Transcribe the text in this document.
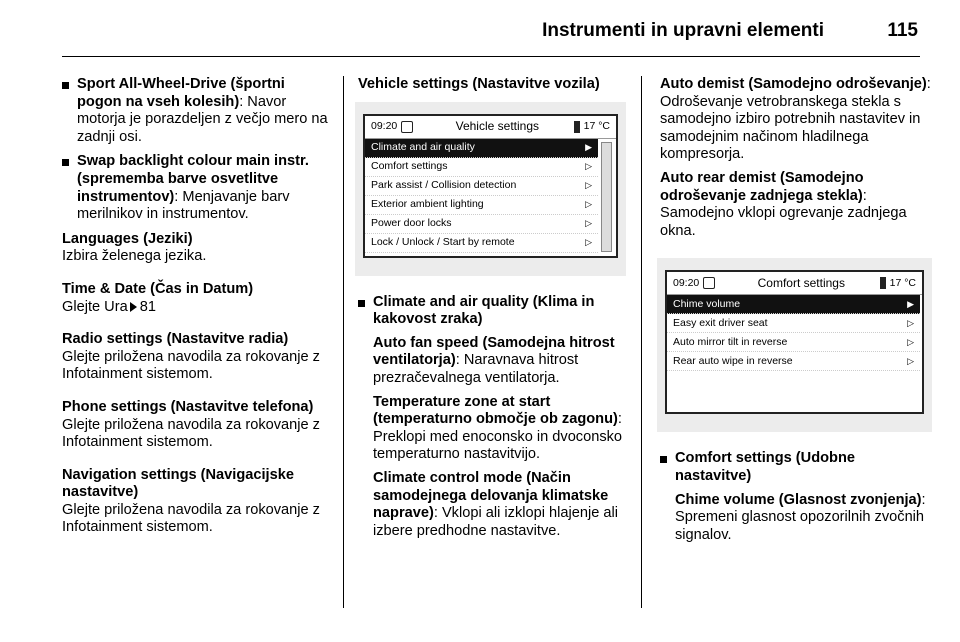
Instrumenti in upravni elementi	115
Sport All-Wheel-Drive (športni pogon na vseh kolesih): Navor motorja je porazdeljen z večjo mero na zadnji osi.
Swap backlight colour main instr. (sprememba barve osvetlitve instrumentov): Menjavanje barv merilnikov in instrumentov.

Languages (Jeziki)

Izbira želenega jezika.

Time & Date (Čas in Datum)

Glejte Ura 81

Radio settings (Nastavitve radia)

Glejte priložena navodila za rokovanje z Infotainment sistemom.

Phone settings (Nastavitve telefona)

Glejte priložena navodila za rokovanje z Infotainment sistemom.

Navigation settings (Navigacijske nastavitve)

Glejte priložena navodila za rokovanje z Infotainment sistemom.

Vehicle settings (Nastavitve vozila)

09:20	Vehicle settings	17 °C
Climate and air quality	▶
Comfort settings	▷
Park assist / Collision detection	▷
Exterior ambient lighting	▷
Power door locks	▷
Lock / Unlock / Start by remote	▷
Climate and air quality (Klima in kakovost zraka)

Auto fan speed (Samodejna hitrost ventilatorja): Naravnava hitrost prezračevalnega ventilatorja.

Temperature zone at start (temperaturno območje ob zagonu): Preklopi med enoconsko in dvoconsko temperaturno nastavitvijo.

Climate control mode (Način samodejnega delovanja klimatske naprave): Vklopi ali izklopi hlajenje ali izbere predhodne nastavitve.

Auto demist (Samodejno odroševanje): Odroševanje vetrobranskega stekla s samodejno izbiro potrebnih nastavitev in samodejnim načinom hladilnega kompresorja.

Auto rear demist (Samodejno odroševanje zadnjega stekla): Samodejno vklopi ogrevanje zadnjega okna.

09:20	Comfort settings	17 °C
Chime volume	▶
Easy exit driver seat	▷
Auto mirror tilt in reverse	▷
Rear auto wipe in reverse	▷
Comfort settings (Udobne nastavitve)

Chime volume (Glasnost zvonjenja): Spremeni glasnost opozorilnih zvočnih signalov.
